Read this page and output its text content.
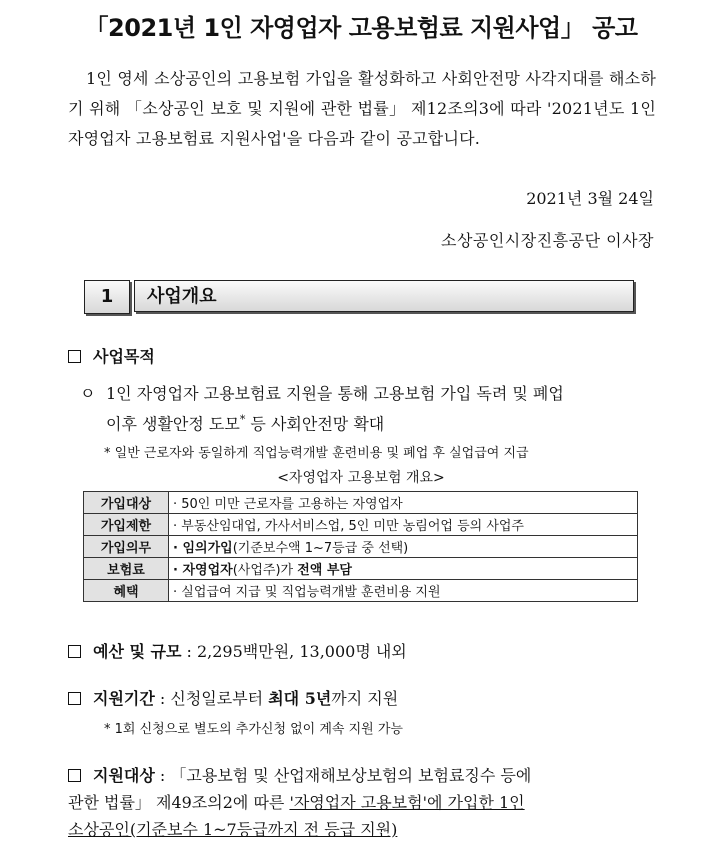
「2021년 1인 자영업자 고용보험료 지원사업」 공고
1인 영세 소상공인의 고용보험 가입을 활성화하고 사회안전망 사각지대를 해소하기 위해 「소상공인 보호 및 지원에 관한 법률」 제12조의3에 따라 '2021년도 1인 자영업자 고용보험료 지원사업'을 다음과 같이 공고합니다.
2021년 3월 24일
소상공인시장진흥공단 이사장
1	사업개요
사업목적
ㅇ 1인 자영업자 고용보험료 지원을 통해 고용보험 가입 독려 및 폐업
이후 생활안정 도모* 등 사회안전망 확대
* 일반 근로자와 동일하게 직업능력개발 훈련비용 및 폐업 후 실업급여 지급
<자영업자 고용보험 개요>
가입대상	· 50인 미만 근로자를 고용하는 자영업자
가입제한	· 부동산임대업, 가사서비스업, 5인 미만 농림어업 등의 사업주
가입의무	· 임의가입(기준보수액 1~7등급 중 선택)
보험료	· 자영업자(사업주)가 전액 부담
혜택	· 실업급여 지급 및 직업능력개발 훈련비용 지원
예산 및 규모 : 2,295백만원, 13,000명 내외
지원기간 : 신청일로부터 최대 5년까지 지원
* 1회 신청으로 별도의 추가신청 없이 계속 지원 가능
지원대상 : 「고용보험 및 산업재해보상보험의 보험료징수 등에
관한 법률」 제49조의2에 따른 '자영업자 고용보험'에 가입한 1인
소상공인(기준보수 1~7등급까지 전 등급 지원)
